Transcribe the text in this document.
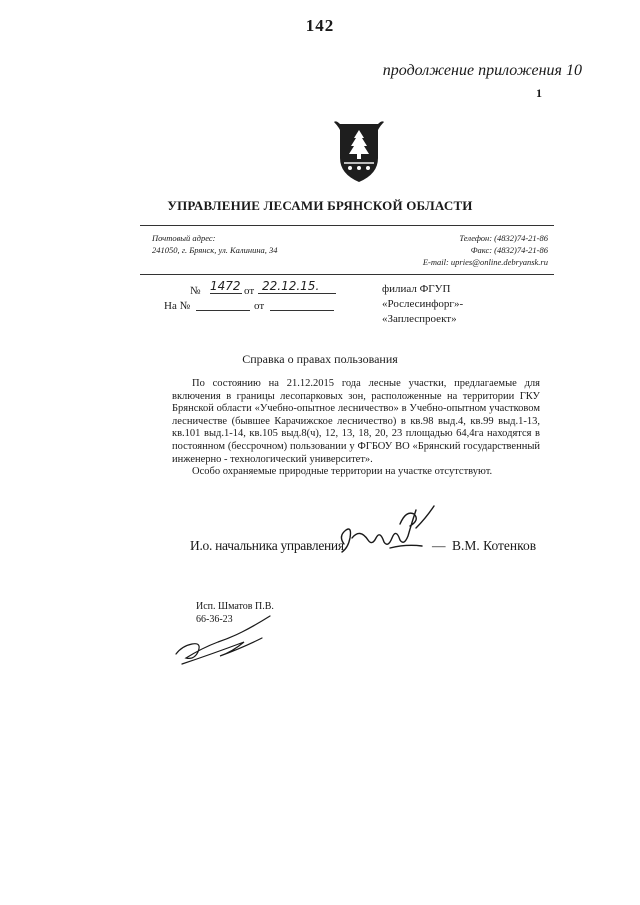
142
продолжение приложения 10
1
УПРАВЛЕНИЕ ЛЕСАМИ БРЯНСКОЙ ОБЛАСТИ
Почтовый адрес:
241050, г. Брянск, ул. Калинина, 34
Телефон: (4832)74-21-86
Факс: (4832)74-21-86
E-mail: upries@online.debryansk.ru
№ 1472 от 22.12.15.
На №	от
филиал ФГУП
«Рослесинфорг»-
«Заплеспроект»
Справка о правах пользования

По состоянию на 21.12.2015 года лесные участки, предлагаемые для включения в границы лесопарковых зон, расположенные на территории ГКУ Брянской области «Учебно-опытное лесничество» в Учебно-опытном участковом лесничестве (бывшее Карачижское лесничество) в кв.98 выд.4, кв.99 выд.1-13, кв.101 выд.1-14, кв.105 выд.8(ч), 12, 13, 18, 20, 23 площадью 64,4га находятся в постоянном (бессрочном) пользовании у ФГБОУ ВО «Брянский государственный инженерно - технологический университет».

Особо охраняемые природные территории на участке отсутствуют.

И.о. начальника управления	— В.М. Котенков
Исп. Шматов П.В.
66-36-23
